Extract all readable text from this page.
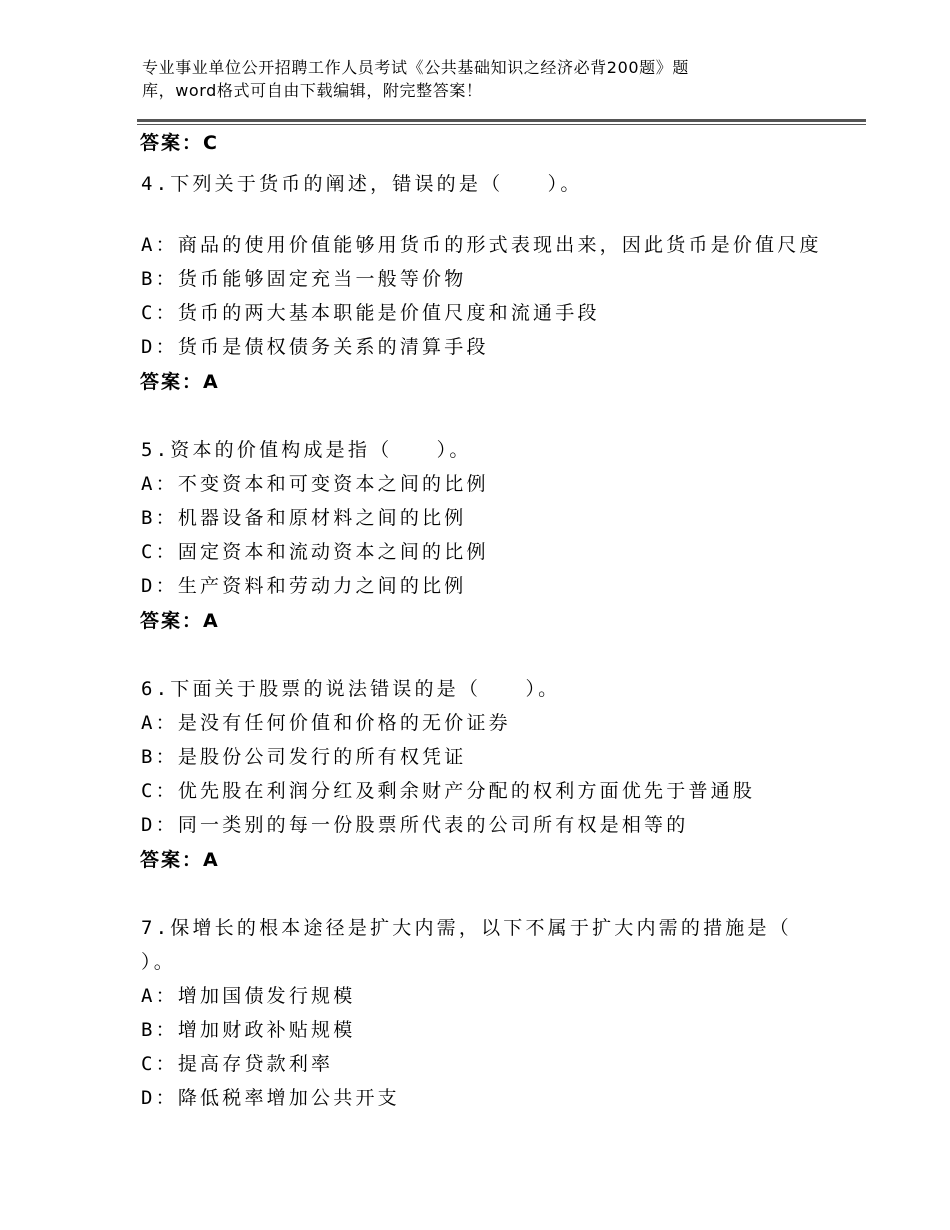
专业事业单位公开招聘工作人员考试《公共基础知识之经济必背200题》题
库，word格式可自由下载编辑，附完整答案！
答案：C
4.下列关于货币的阐述，错误的是（　　）。
A：商品的使用价值能够用货币的形式表现出来，因此货币是价值尺度
B：货币能够固定充当一般等价物
C：货币的两大基本职能是价值尺度和流通手段
D：货币是债权债务关系的清算手段
答案：A
5.资本的价值构成是指（　　）。
A：不变资本和可变资本之间的比例
B：机器设备和原材料之间的比例
C：固定资本和流动资本之间的比例
D：生产资料和劳动力之间的比例
答案：A
6.下面关于股票的说法错误的是（　　）。
A：是没有任何价值和价格的无价证券
B：是股份公司发行的所有权凭证
C：优先股在利润分红及剩余财产分配的权利方面优先于普通股
D：同一类别的每一份股票所代表的公司所有权是相等的
答案：A
7.保增长的根本途径是扩大内需，以下不属于扩大内需的措施是（
）。
A：增加国债发行规模
B：增加财政补贴规模
C：提高存贷款利率
D：降低税率增加公共开支
